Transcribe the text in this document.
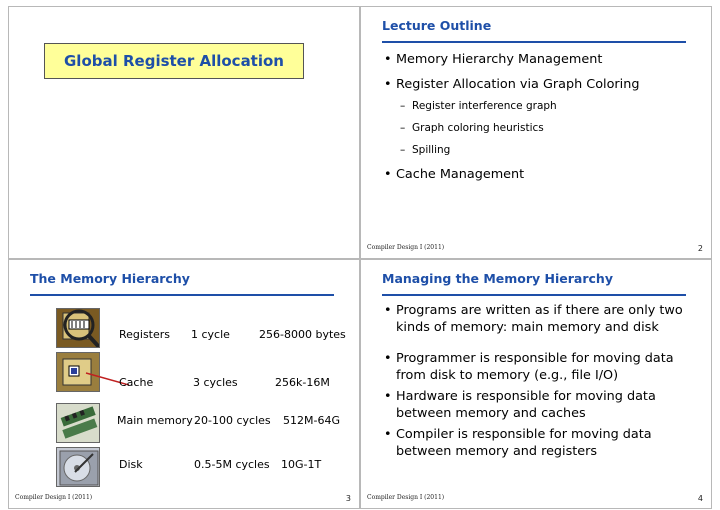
Global Register Allocation
Lecture Outline
• Memory Hierarchy Management
• Register Allocation via Graph Coloring
– Register interference graph
– Graph coloring heuristics
– Spilling
• Cache Management
Compiler Design I (2011)	2
The Memory Hierarchy
Registers 1 cycle	256-8000 bytes
Cache	3 cycles	256k-16M
Main memory 20-100 cycles 512M-64G
Disk	0.5-5M cycles 10G-1T
Compiler Design I (2011)	3
Managing the Memory Hierarchy
• Programs are written as if there are only two kinds of memory: main memory and disk
• Programmer is responsible for moving data from disk to memory (e.g., file I/O)
• Hardware is responsible for moving data between memory and caches
• Compiler is responsible for moving data between memory and registers
Compiler Design I (2011)	4
